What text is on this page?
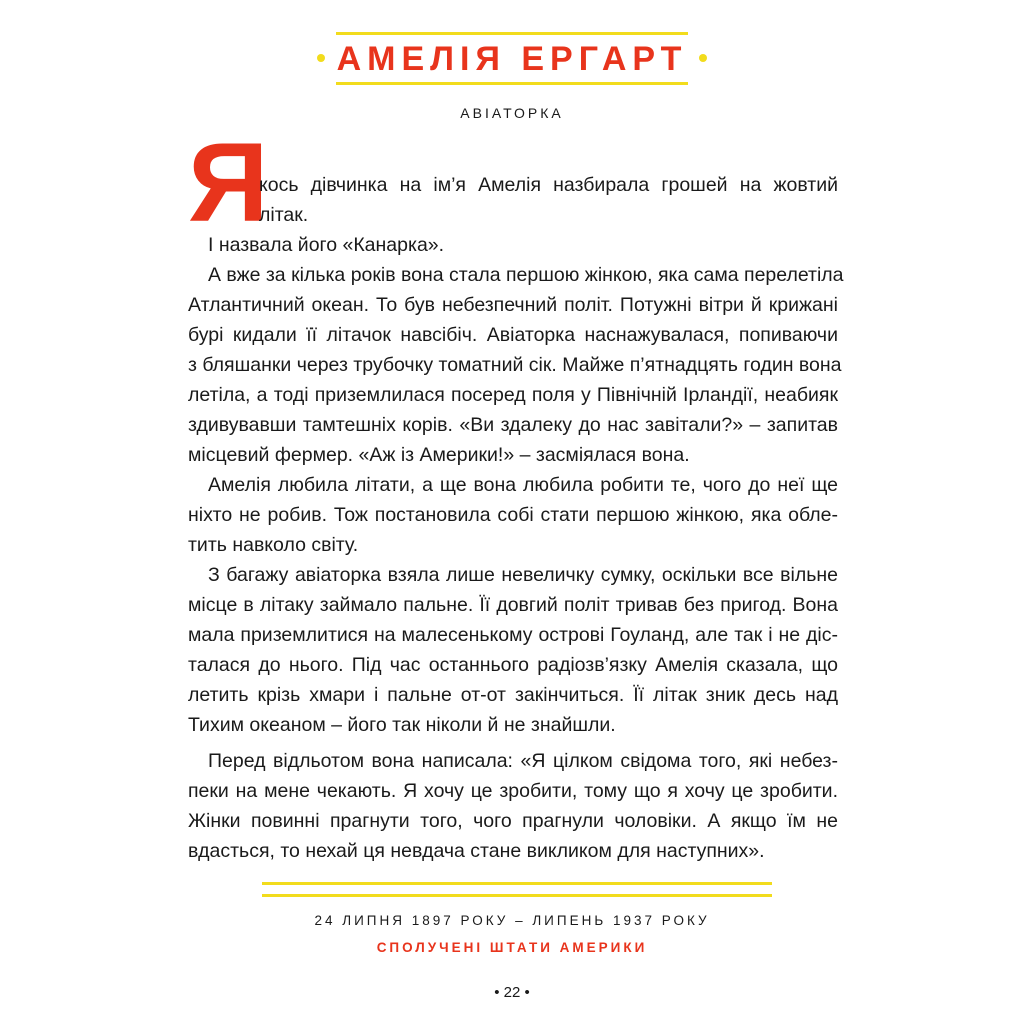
АМЕЛІЯ ЕРГАРТ
АВІАТОРКА
Я
кось дівчинка на ім’я Амелія назбирала грошей на жовтий
літак.
І назвала його «Канарка».
А вже за кілька років вона стала першою жінкою, яка сама перелетіла
Атлантичний океан. То був небезпечний політ. Потужні вітри й крижані
бурі кидали її літачок навсібіч. Авіаторка наснажувалася, попиваючи
з бляшанки через трубочку томатний сік. Майже п’ятнадцять годин вона
летіла, а тоді приземлилася посеред поля у Північній Ірландії, неабияк
здивувавши тамтешніх корів. «Ви здалеку до нас завітали?» – запитав
місцевий фермер. «Аж із Америки!» – засміялася вона.
Амелія любила літати, а ще вона любила робити те, чого до неї ще
ніхто не робив. Тож постановила собі стати першою жінкою, яка обле-
тить навколо світу.
З багажу авіаторка взяла лише невеличку сумку, оскільки все вільне
місце в літаку займало пальне. Її довгий політ тривав без пригод. Вона
мала приземлитися на малесенькому острові Гоуланд, але так і не діс-
талася до нього. Під час останнього радіозв’язку Амелія сказала, що
летить крізь хмари і пальне от-от закінчиться. Її літак зник десь над
Тихим океаном – його так ніколи й не знайшли.
Перед відльотом вона написала: «Я цілком свідома того, які небез-
пеки на мене чекають. Я хочу це зробити, тому що я хочу це зробити.
Жінки повинні прагнути того, чого прагнули чоловіки. А якщо їм не
вдасться, то нехай ця невдача стане викликом для наступних».
24 ЛИПНЯ 1897 РОКУ – ЛИПЕНЬ 1937 РОКУ
СПОЛУЧЕНІ ШТАТИ АМЕРИКИ
• 22 •
